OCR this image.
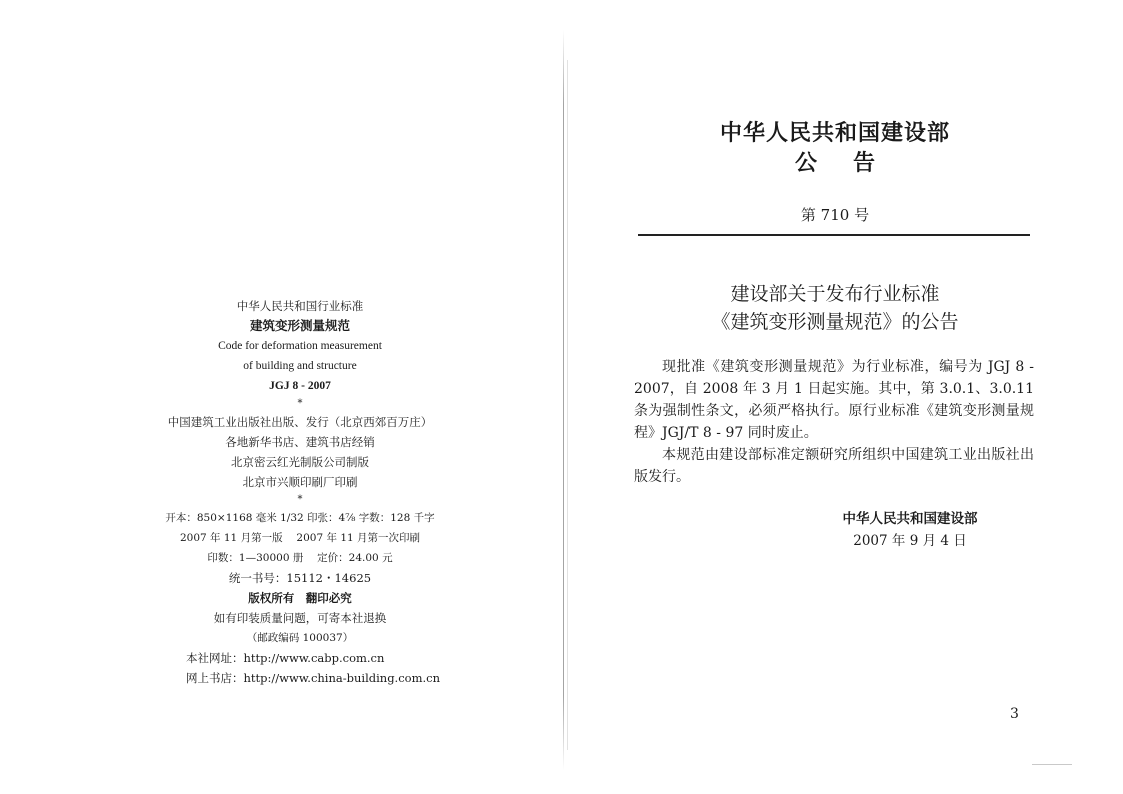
中华人民共和国行业标准
建筑变形测量规范
Code for deformation measurement
of building and structure
JGJ 8 - 2007
*
中国建筑工业出版社出版、发行（北京西郊百万庄）
各地新华书店、建筑书店经销
北京密云红光制版公司制版
北京市兴顺印刷厂印刷
*
开本：850×1168 毫米 1/32 印张：4⅞ 字数：128 千字
2007 年 11 月第一版　 2007 年 11 月第一次印刷
印数：1—30000 册　 定价：24.00 元
统一书号：15112・14625
版权所有　翻印必究
如有印装质量问题，可寄本社退换
（邮政编码 100037）
本社网址：http://www.cabp.com.cn
网上书店：http://www.china-building.com.cn
中华人民共和国建设部
公告
第 710 号
建设部关于发布行业标准
《建筑变形测量规范》的公告

现批准《建筑变形测量规范》为行业标准，编号为 JGJ 8 - 2007，自 2008 年 3 月 1 日起实施。其中，第 3.0.1、3.0.11 条为强制性条文，必须严格执行。原行业标准《建筑变形测量规程》JGJ/T 8 - 97 同时废止。

本规范由建设部标准定额研究所组织中国建筑工业出版社出版发行。

中华人民共和国建设部
2007 年 9 月 4 日
3
